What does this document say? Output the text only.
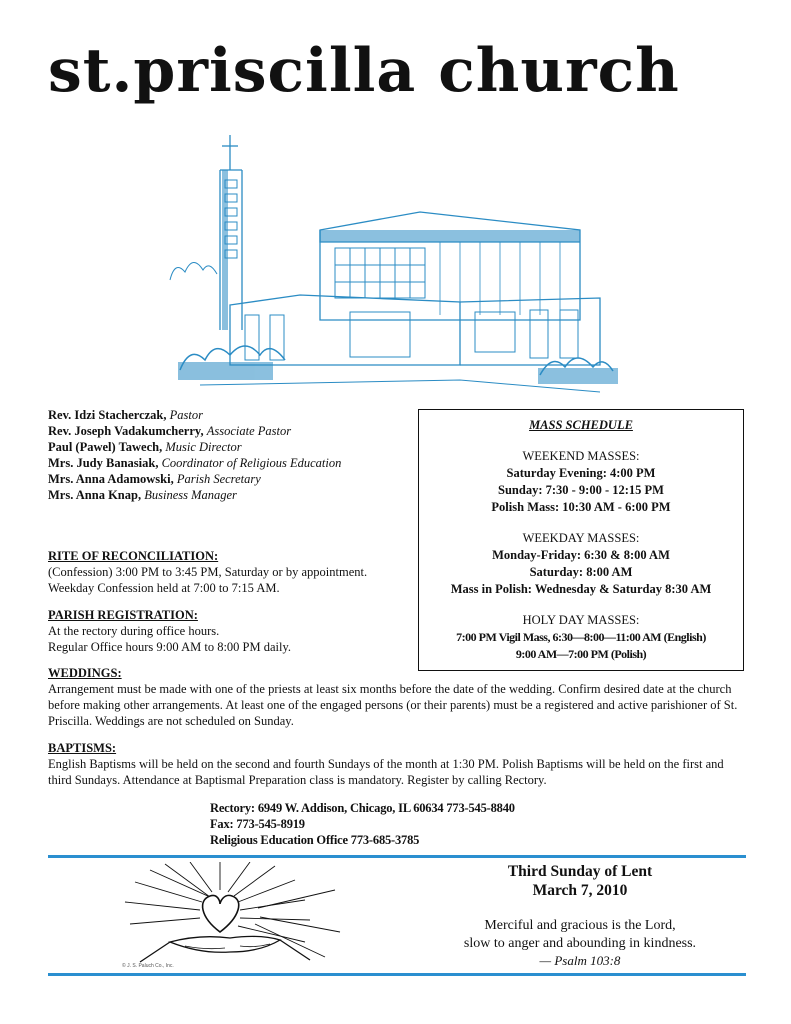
st.priscilla church
Rev. Idzi Stacherczak, Pastor
Rev. Joseph Vadakumcherry, Associate Pastor
Paul (Pawel) Tawech, Music Director
Mrs. Judy Banasiak, Coordinator of Religious Education
Mrs. Anna Adamowski, Parish Secretary
Mrs. Anna Knap, Business Manager
MASS SCHEDULE
WEEKEND MASSES:
Saturday Evening: 4:00 PM
Sunday: 7:30 - 9:00 - 12:15 PM
Polish Mass: 10:30 AM - 6:00 PM
WEEKDAY MASSES:
Monday-Friday: 6:30 & 8:00 AM
Saturday: 8:00 AM
Mass in Polish: Wednesday & Saturday 8:30 AM
HOLY DAY MASSES:
7:00 PM Vigil Mass, 6:30—8:00—11:00 AM (English)
9:00 AM—7:00 PM (Polish)
RITE OF RECONCILIATION:
(Confession) 3:00 PM to 3:45 PM, Saturday or by appointment.
Weekday Confession held at 7:00 to 7:15 AM.
PARISH REGISTRATION:
At the rectory during office hours.
Regular Office hours 9:00 AM to 8:00 PM daily.
WEDDINGS:
Arrangement must be made with one of the priests at least six months before the date of the wedding. Confirm desired date at the church before making other arrangements. At least one of the engaged persons (or their parents) must be a registered and active parishioner of St. Priscilla. Weddings are not scheduled on Sunday.
BAPTISMS:
English Baptisms will be held on the second and fourth Sundays of the month at 1:30 PM. Polish Baptisms will be held on the first and third Sundays. Attendance at Baptismal Preparation class is mandatory. Register by calling Rectory.
Rectory: 6949 W. Addison, Chicago, IL 60634 773-545-8840
Fax: 773-545-8919
Religious Education Office 773-685-3785
© J. S. Paluch Co., Inc.
Third Sunday of Lent
March 7, 2010
Merciful and gracious is the Lord,
slow to anger and abounding in kindness.
— Psalm 103:8
